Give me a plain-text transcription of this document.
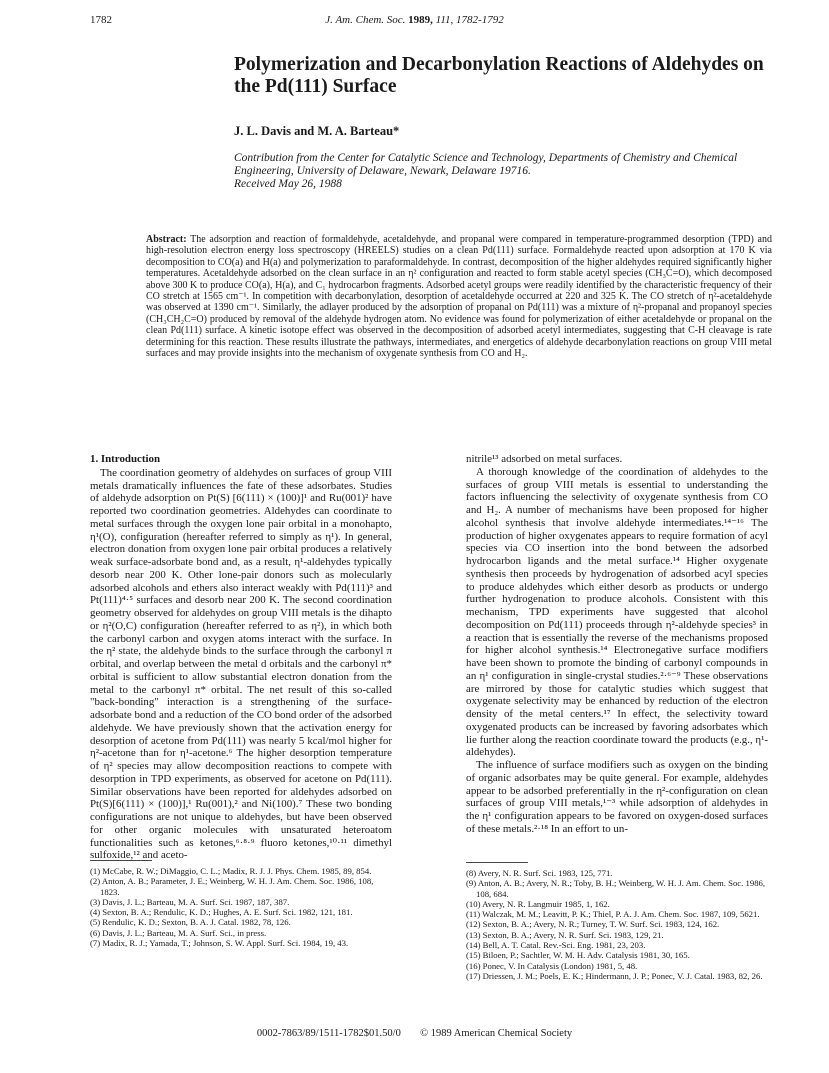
1782	J. Am. Chem. Soc. 1989, 111, 1782-1792
Polymerization and Decarbonylation Reactions of Aldehydes on the Pd(111) Surface
J. L. Davis and M. A. Barteau*
Contribution from the Center for Catalytic Science and Technology, Departments of Chemistry and Chemical Engineering, University of Delaware, Newark, Delaware 19716.
Received May 26, 1988
Abstract: The adsorption and reaction of formaldehyde, acetaldehyde, and propanal were compared in temperature-programmed desorption (TPD) and high-resolution electron energy loss spectroscopy (HREELS) studies on a clean Pd(111) surface. Formaldehyde reacted upon adsorption at 170 K via decomposition to CO(a) and H(a) and polymerization to paraformaldehyde. In contrast, decomposition of the higher aldehydes required significantly higher temperatures. Acetaldehyde adsorbed on the clean surface in an η² configuration and reacted to form stable acetyl species (CH₃C=O), which decomposed above 300 K to produce CO(a), H(a), and C₁ hydrocarbon fragments. Adsorbed acetyl groups were readily identified by the characteristic frequency of their CO stretch at 1565 cm⁻¹. In competition with decarbonylation, desorption of acetaldehyde occurred at 220 and 325 K. The CO stretch of η²-acetaldehyde was observed at 1390 cm⁻¹. Similarly, the adlayer produced by the adsorption of propanal on Pd(111) was a mixture of η²-propanal and propanoyl species (CH₃CH₂C=O) produced by removal of the aldehyde hydrogen atom. No evidence was found for polymerization of either acetaldehyde or propanal on the clean Pd(111) surface. A kinetic isotope effect was observed in the decomposition of adsorbed acetyl intermediates, suggesting that C-H cleavage is rate determining for this reaction. These results illustrate the pathways, intermediates, and energetics of aldehyde decarbonylation reactions on group VIII metal surfaces and may provide insights into the mechanism of oxygenate synthesis from CO and H₂.
1. Introduction

The coordination geometry of aldehydes on surfaces of group VIII metals dramatically influences the fate of these adsorbates. Studies of aldehyde adsorption on Pt(S) [6(111) × (100)]¹ and Ru(001)² have reported two coordination geometries. Aldehydes can coordinate to metal surfaces through the oxygen lone pair orbital in a monohapto, η¹(O), configuration (hereafter referred to simply as η¹). In general, electron donation from oxygen lone pair orbital produces a relatively weak surface-adsorbate bond and, as a result, η¹-aldehydes typically desorb near 200 K. Other lone-pair donors such as molecularly adsorbed alcohols and ethers also interact weakly with Pd(111)³ and Pt(111)⁴·⁵ surfaces and desorb near 200 K. The second coordination geometry observed for aldehydes on group VIII metals is the dihapto or η²(O,C) configuration (hereafter referred to as η²), in which both the carbonyl carbon and oxygen atoms interact with the surface. In the η² state, the aldehyde binds to the surface through the carbonyl π orbital, and overlap between the metal d orbitals and the carbonyl π* orbital is sufficient to allow substantial electron donation from the metal to the carbonyl π* orbital. The net result of this so-called "back-bonding" interaction is a strengthening of the surface-adsorbate bond and a reduction of the CO bond order of the adsorbed aldehyde. We have previously shown that the activation energy for desorption of acetone from Pd(111) was nearly 5 kcal/mol higher for η²-acetone than for η¹-acetone.⁶ The higher desorption temperature of η² species may allow decomposition reactions to compete with desorption in TPD experiments, as observed for acetone on Pd(111). Similar observations have been reported for aldehydes adsorbed on Pt(S)[6(111) × (100)],¹ Ru(001),² and Ni(100).⁷ These two bonding configurations are not unique to aldehydes, but have been observed for other organic molecules with unsaturated heteroatom functionalities such as ketones,⁶·⁸·⁹ fluoro ketones,¹⁰·¹¹ dimethyl sulfoxide,¹² and aceto-

nitrile¹³ adsorbed on metal surfaces.

A thorough knowledge of the coordination of aldehydes to the surfaces of group VIII metals is essential to understanding the factors influencing the selectivity of oxygenate synthesis from CO and H₂. A number of mechanisms have been proposed for higher alcohol synthesis that involve aldehyde intermediates.¹⁴⁻¹⁶ The production of higher oxygenates appears to require formation of acyl species via CO insertion into the bond between the adsorbed hydrocarbon ligands and the metal surface.¹⁴ Higher oxygenate synthesis then proceeds by hydrogenation of adsorbed acyl species to produce aldehydes which either desorb as products or undergo further hydrogenation to produce alcohols. Consistent with this mechanism, TPD experiments have suggested that alcohol decomposition on Pd(111) proceeds through η²-aldehyde species³ in a reaction that is essentially the reverse of the mechanisms proposed for higher alcohol synthesis.¹⁴ Electronegative surface modifiers have been shown to promote the binding of carbonyl compounds in an η¹ configuration in single-crystal studies.²·⁶⁻⁹ These observations are mirrored by those for catalytic studies which suggest that oxygenate selectivity may be enhanced by reduction of the electron density of the metal centers.¹⁷ In effect, the selectivity toward oxygenated products can be increased by favoring adsorbates which lie further along the reaction coordinate toward the products (e.g., η¹-aldehydes).

The influence of surface modifiers such as oxygen on the binding of organic adsorbates may be quite general. For example, aldehydes appear to be adsorbed preferentially in the η²-configuration on clean surfaces of group VIII metals,¹⁻³ while adsorption of aldehydes in the η¹ configuration appears to be favored on oxygen-dosed surfaces of these metals.²·¹⁸ In an effort to un-

(1) McCabe, R. W.; DiMaggio, C. L.; Madix, R. J. J. Phys. Chem. 1985, 89, 854.
(2) Anton, A. B.; Parameter, J. E.; Weinberg, W. H. J. Am. Chem. Soc. 1986, 108, 1823.
(3) Davis, J. L.; Barteau, M. A. Surf. Sci. 1987, 187, 387.
(4) Sexton, B. A.; Rendulic, K. D.; Hughes, A. E. Surf. Sci. 1982, 121, 181.
(5) Rendulic, K. D.; Sexton, B. A. J. Catal. 1982, 78, 126.
(6) Davis, J. L.; Barteau, M. A. Surf. Sci., in press.
(7) Madix, R. J.; Yamada, T.; Johnson, S. W. Appl. Surf. Sci. 1984, 19, 43.
(8) Avery, N. R. Surf. Sci. 1983, 125, 771.
(9) Anton, A. B.; Avery, N. R.; Toby, B. H.; Weinberg, W. H. J. Am. Chem. Soc. 1986, 108, 684.
(10) Avery, N. R. Langmuir 1985, 1, 162.
(11) Walczak, M. M.; Leavitt, P. K.; Thiel, P. A. J. Am. Chem. Soc. 1987, 109, 5621.
(12) Sexton, B. A.; Avery, N. R.; Turney, T. W. Surf. Sci. 1983, 124, 162.
(13) Sexton, B. A.; Avery, N. R. Surf. Sci. 1983, 129, 21.
(14) Bell, A. T. Catal. Rev.-Sci. Eng. 1981, 23, 203.
(15) Biloen, P.; Sachtler, W. M. H. Adv. Catalysis 1981, 30, 165.
(16) Ponec, V. In Catalysis (London) 1981, 5, 48.
(17) Driessen, J. M.; Poels, E. K.; Hindermann, J. P.; Ponec, V. J. Catal. 1983, 82, 26.
0002-7863/89/1511-1782$01.50/0 © 1989 American Chemical Society
